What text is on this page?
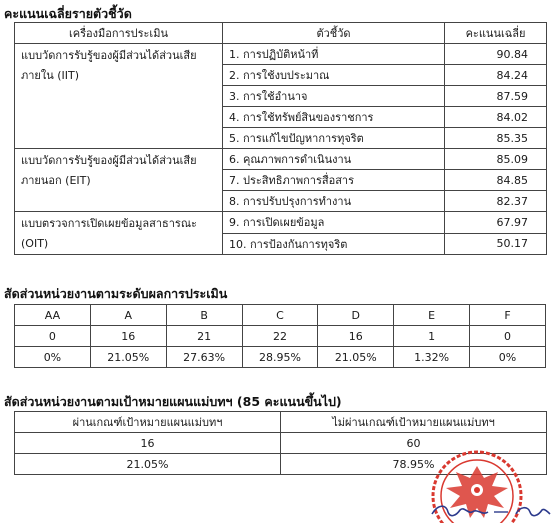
คะแนนเฉลี่ยรายตัวชี้วัด
เครื่องมือการประเมิน	ตัวชี้วัด	คะแนนเฉลี่ย
แบบวัดการรับรู้ของผู้มีส่วนได้ส่วนเสียภายใน (IIT)	1. การปฏิบัติหน้าที่	90.84
	2. การใช้งบประมาณ	84.24
	3. การใช้อำนาจ	87.59
	4. การใช้ทรัพย์สินของราชการ	84.02
	5. การแก้ไขปัญหาการทุจริต	85.35
แบบวัดการรับรู้ของผู้มีส่วนได้ส่วนเสียภายนอก (EIT)	6. คุณภาพการดำเนินงาน	85.09
	7. ประสิทธิภาพการสื่อสาร	84.85
	8. การปรับปรุงการทำงาน	82.37
แบบตรวจการเปิดเผยข้อมูลสาธารณะ (OIT)	9. การเปิดเผยข้อมูล	67.97
	10. การป้องกันการทุจริต	50.17
สัดส่วนหน่วยงานตามระดับผลการประเมิน
AA	A	B	C	D	E	F
0	16	21	22	16	1	0
0%	21.05%	27.63%	28.95%	21.05%	1.32%	0%
สัดส่วนหน่วยงานตามเป้าหมายแผนแม่บทฯ (85 คะแนนขึ้นไป)
ผ่านเกณฑ์เป้าหมายแผนแม่บทฯ	ไม่ผ่านเกณฑ์เป้าหมายแผนแม่บทฯ
16	60
21.05%	78.95%
